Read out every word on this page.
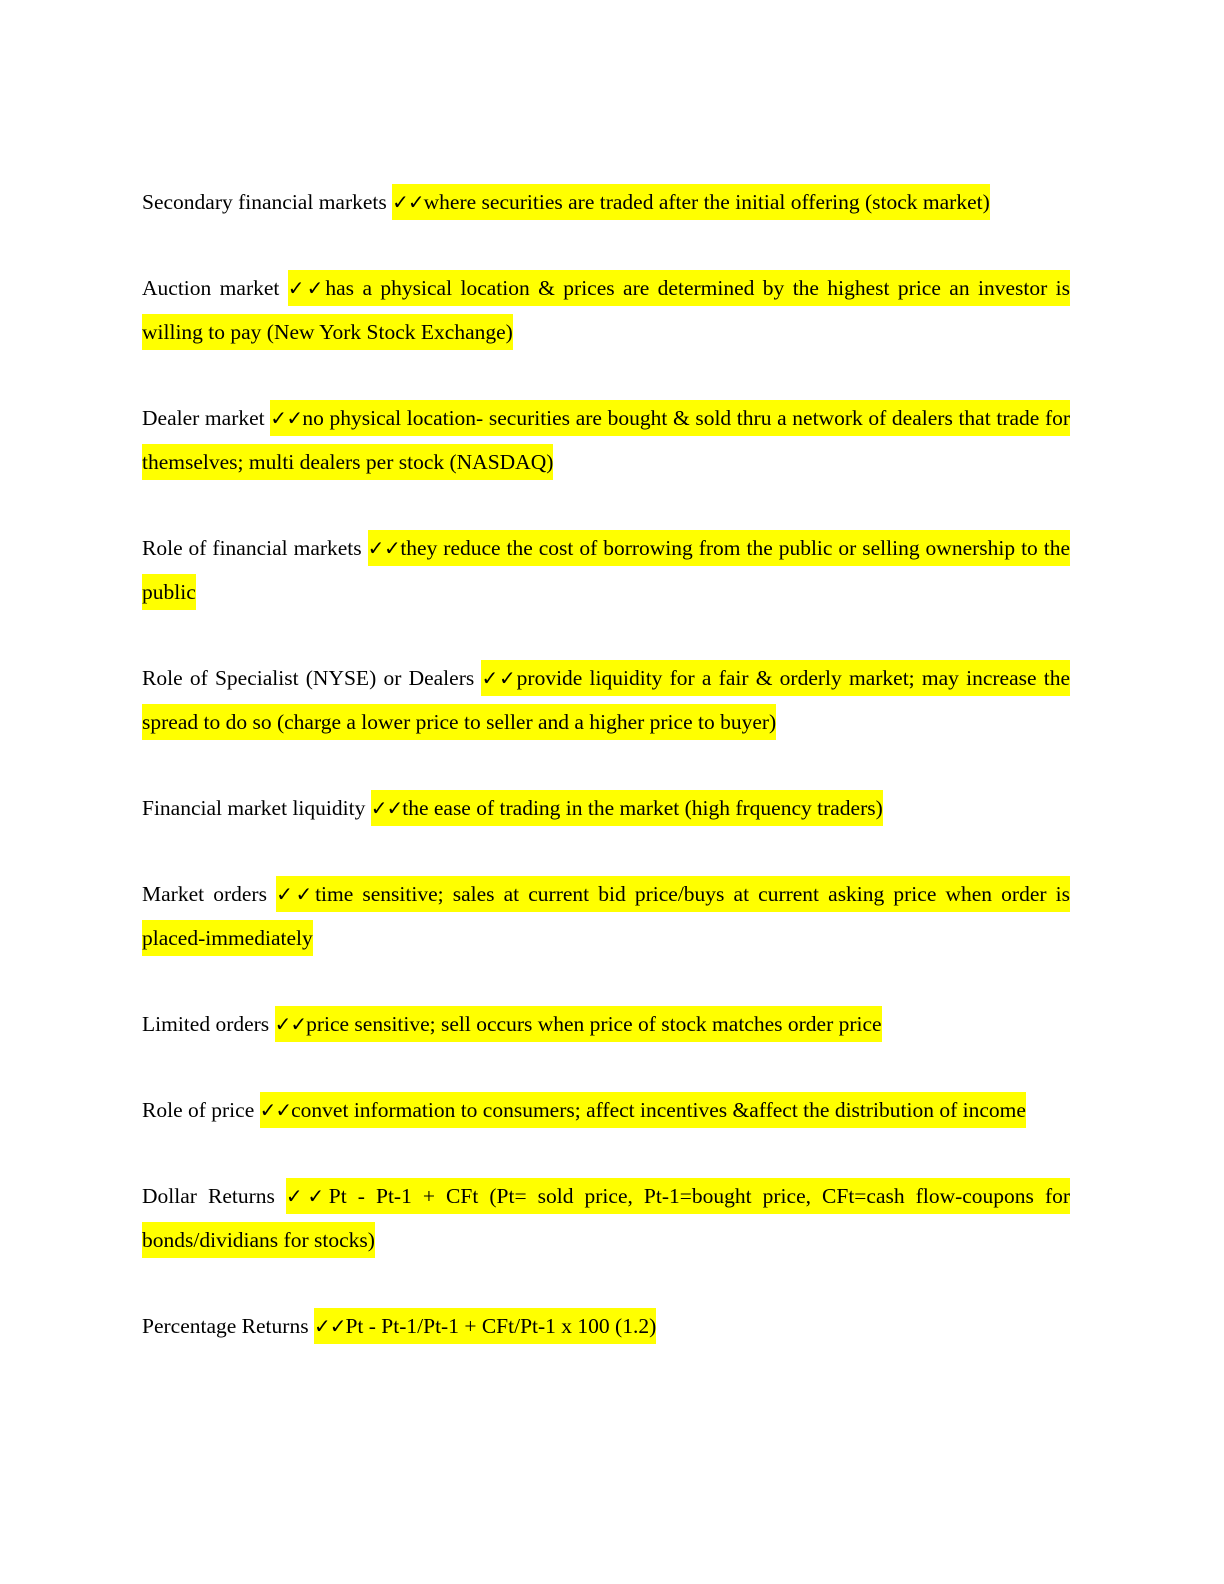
Secondary financial markets ✓✓where securities are traded after the initial offering (stock market)

Auction market ✓✓has a physical location & prices are determined by the highest price an investor is willing to pay (New York Stock Exchange)

Dealer market ✓✓no physical location- securities are bought & sold thru a network of dealers that trade for themselves; multi dealers per stock (NASDAQ)

Role of financial markets ✓✓they reduce the cost of borrowing from the public or selling ownership to the public

Role of Specialist (NYSE) or Dealers ✓✓provide liquidity for a fair & orderly market; may increase the spread to do so (charge a lower price to seller and a higher price to buyer)

Financial market liquidity ✓✓the ease of trading in the market (high frquency traders)

Market orders ✓✓time sensitive; sales at current bid price/buys at current asking price when order is placed-immediately

Limited orders ✓✓price sensitive; sell occurs when price of stock matches order price

Role of price ✓✓convet information to consumers; affect incentives &affect the distribution of income

Dollar Returns ✓✓Pt - Pt-1 + CFt (Pt= sold price, Pt-1=bought price, CFt=cash flow-coupons for bonds/dividians for stocks)

Percentage Returns ✓✓Pt - Pt-1/Pt-1 + CFt/Pt-1 x 100 (1.2)
